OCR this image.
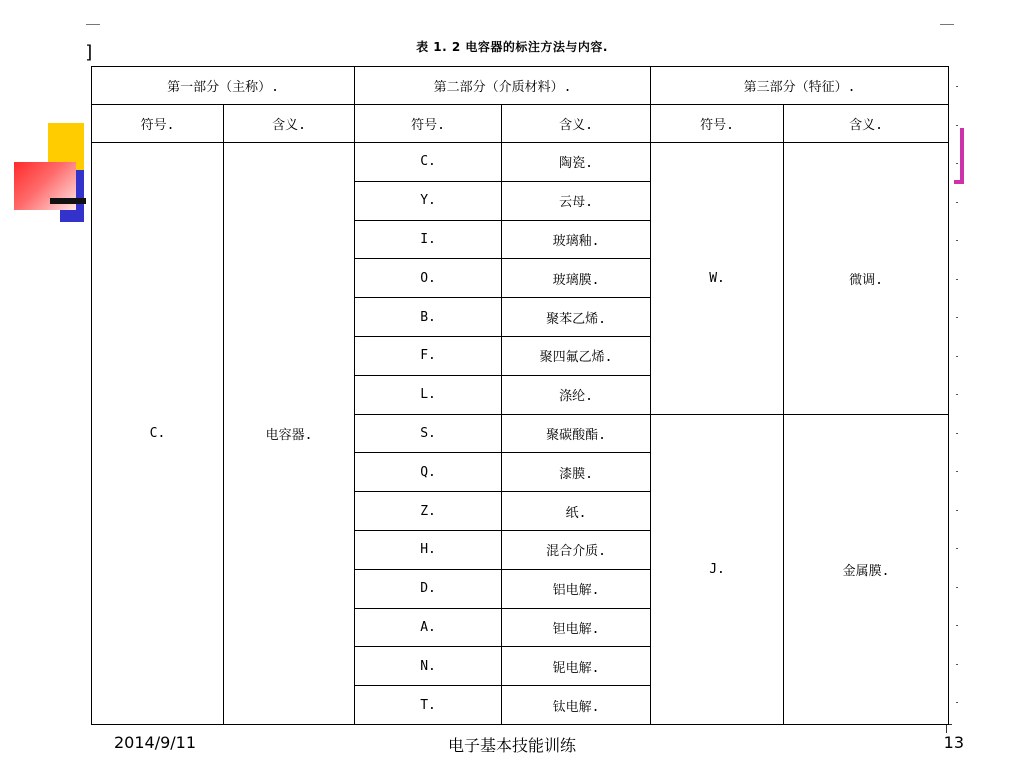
]	表 1. 2 电容器的标注方法与内容.
第一部分（主称）.		第二部分（介质材料）.		第三部分（特征）.	
符号.	含义.	符号.	含义.	符号.	含义.
C.	电容器.	C.	陶瓷.	W.	微调.
		Y.	云母.		
		I.	玻璃釉.		
		O.	玻璃膜.		
		B.	聚苯乙烯.		
		F.	聚四氟乙烯.		
		L.	涤纶.		
		S.	聚碳酸酯.	J.	金属膜.
		Q.	漆膜.		
		Z.	纸.		
		H.	混合介质.		
		D.	铝电解.		
		A.	钽电解.		
		N.	铌电解.		
		T.	钛电解.		
2014/9/11	电子基本技能训练	13
